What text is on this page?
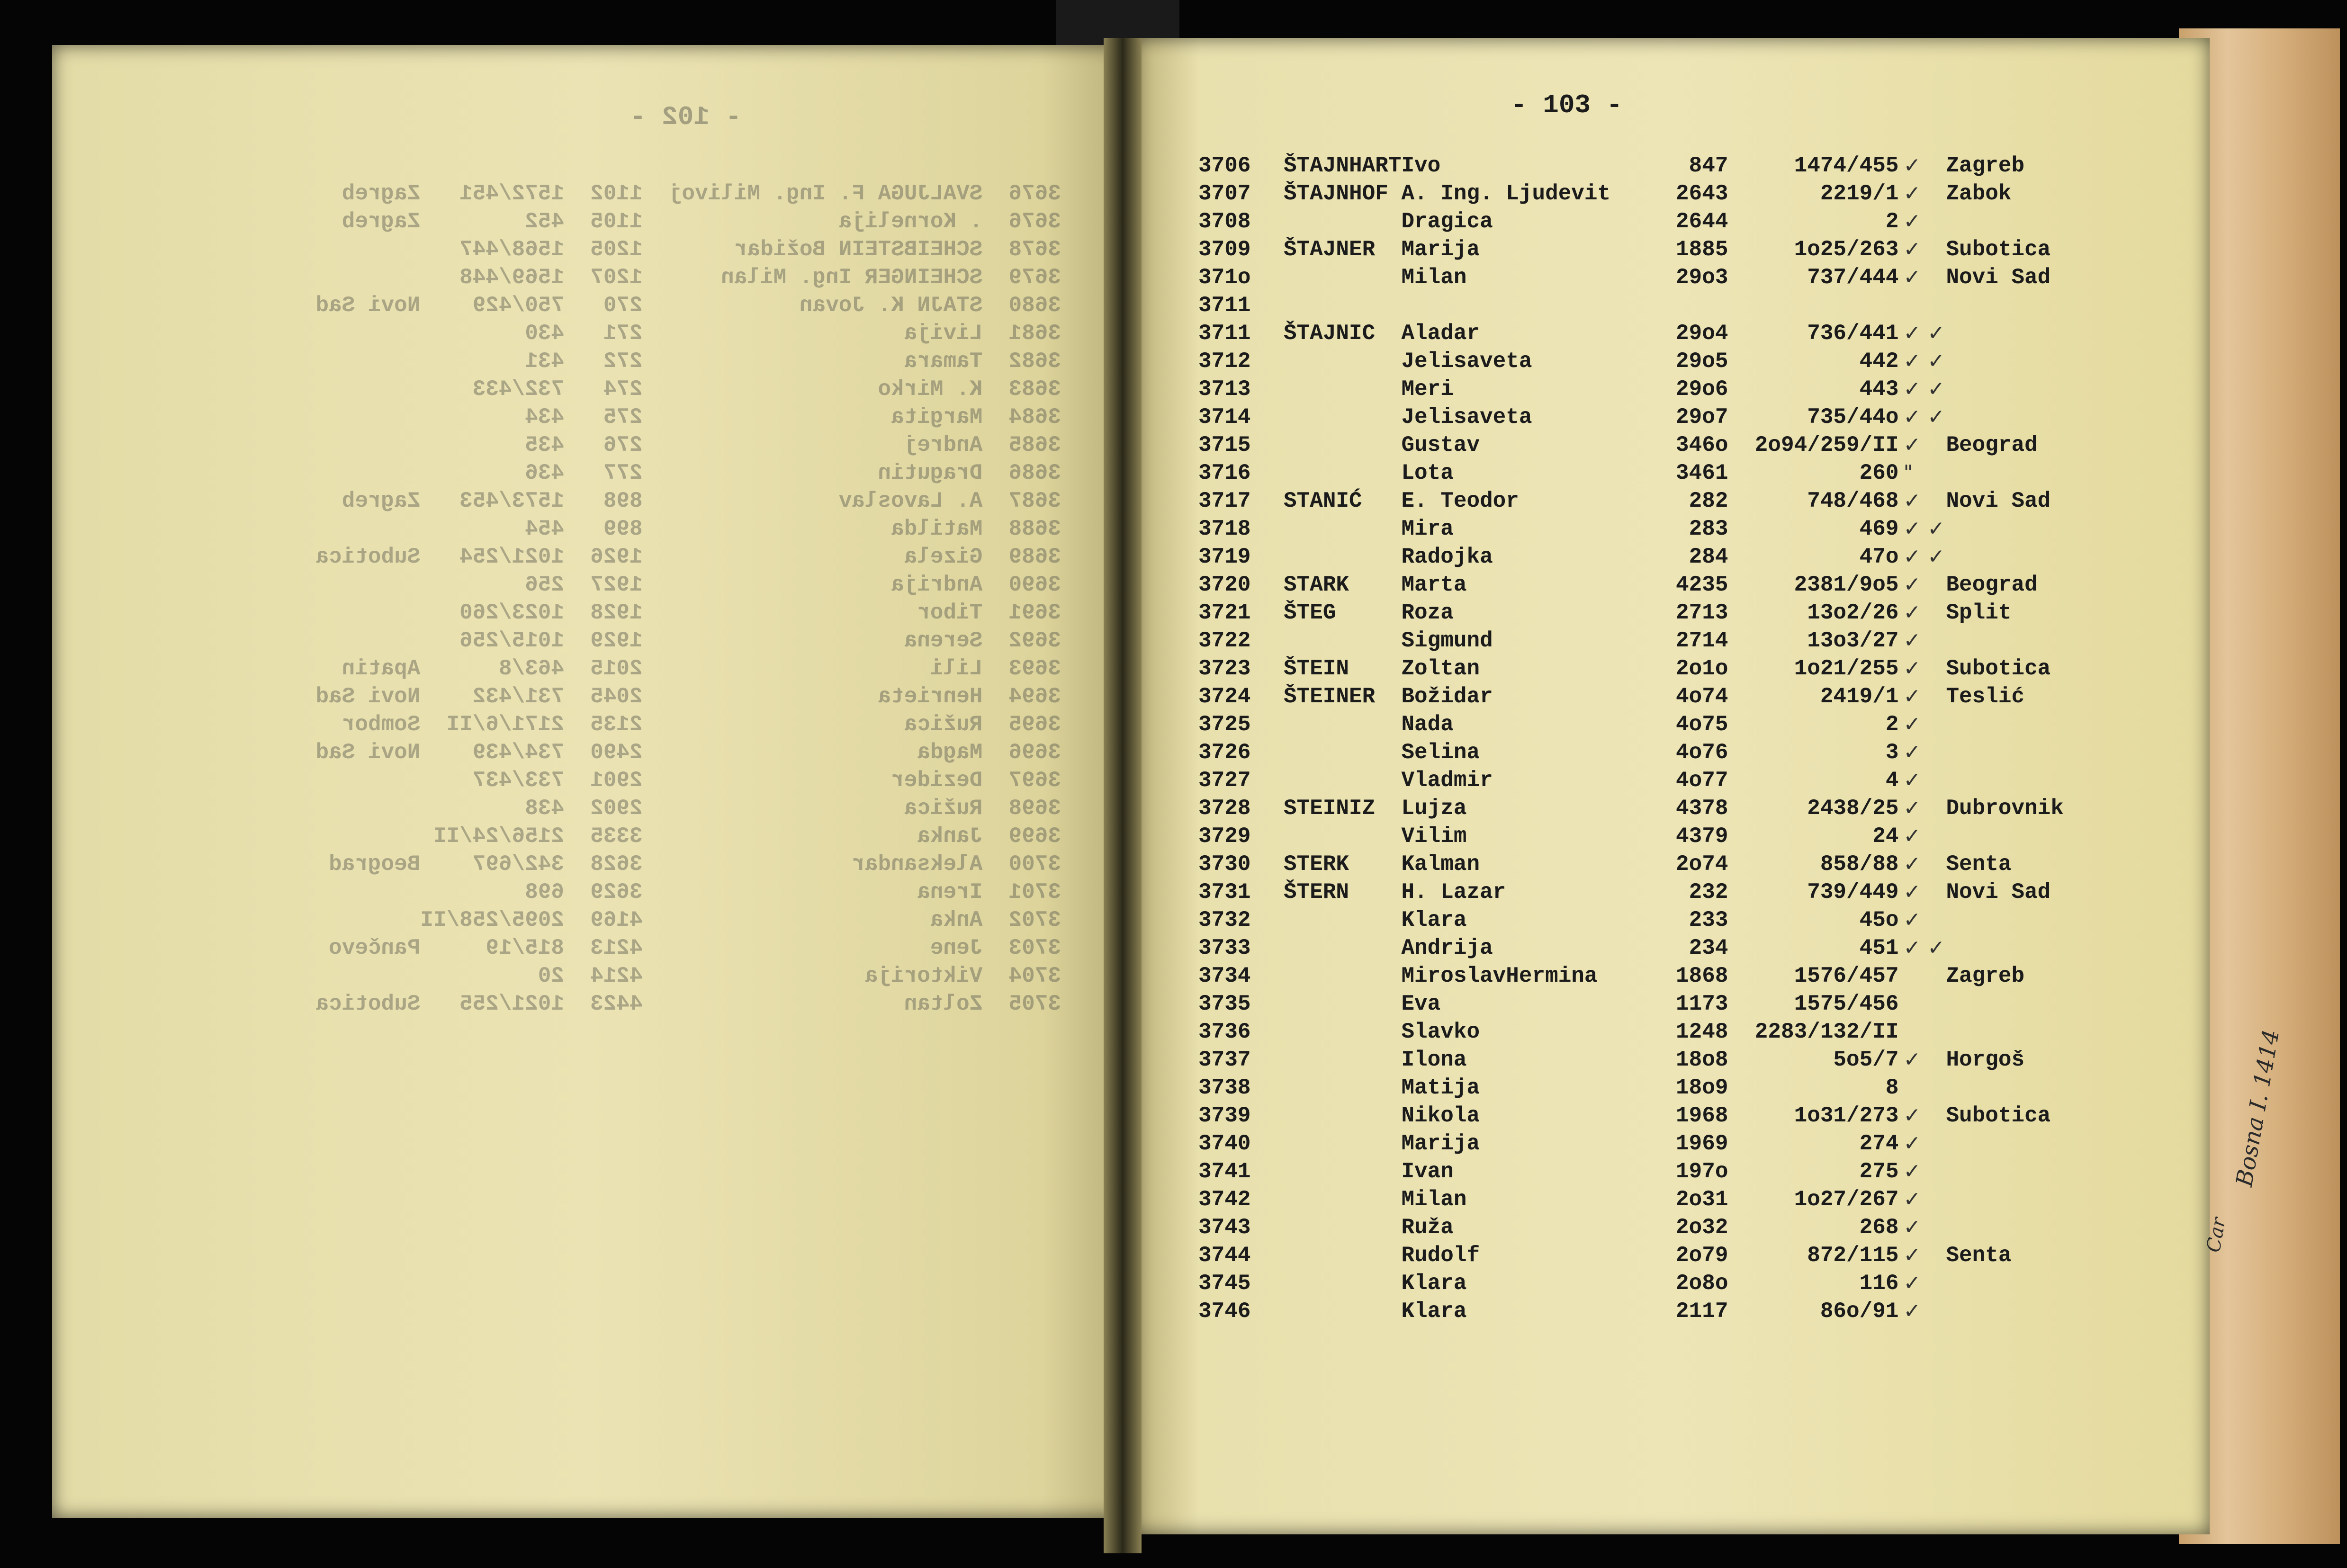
- 102 -
3676  SVALJUGA F. Ing. Milivoj  1102  1572/451   Zagreb
3676  . Kornelija               1105  452        Zagreb
3678  SCHEIBSTEIN Božidar       1205  1568/447
3679  SCHEINGER Ing. Milan      1207  1569/448
3680  STAJN K. Jovan            270   750/429    Novi Sad
3681  Livija                    271   430
3682  Tamara                    272   431
3683  K. Mirko                  274   732/433
3684  Margita                   275   434
3685  Andrej                    276   435
3686  Dragutin                  277   436
3687  A. Lavoslav               898   1573/453   Zagreb
3688  Matilda                   899   454
3689  Gizela                    1926  1021/254   Subotica
3690  Andrija                   1927  256
3691  Tibor                     1928  1023/260
3692  Serena                    1929  1015/256
3693  Lili                      2015  463/8      Apatin
3694  Henrieta                  2045  731/432    Novi Sad
3695  Ružica                    2135  2171/6/II  Sombor
3696  Magda                     2490  734/439    Novi Sad
3697  Dezider                   2901  733/437
3698  Ružica                    2902  438
3699  Janka                     3335  2156/24/II
3700  Aleksandar                3628  342/697    Beograd
3701  Irena                     3629  698
3702  Anka                      4169  2095/258/II
3703  Jene                      4213  815/19     Pančevo
3704  Viktorija                 4214  20
3705  Zoltan                    4423  1021/255   Subotica
- 103 -
3706	ŠTAJNHART	Ivo	847	1474/455	✓	Zagreb
3707	ŠTAJNHOF	A. Ing. Ljudevit	2643	2219/1	✓	Zabok
3708		Dragica	2644	2	✓	
3709	ŠTAJNER	Marija	1885	1o25/263	✓	Subotica
371o		Milan	29o3	737/444	✓	Novi Sad
3711						
3711	ŠTAJNIC	Aladar	29o4	736/441	✓ ✓	
3712		Jelisaveta	29o5	442	✓ ✓	
3713		Meri	29o6	443	✓ ✓	
3714		Jelisaveta	29o7	735/44o	✓ ✓	
3715		Gustav	346o	2o94/259/II	✓	Beograd
3716		Lota	3461	260	"	
3717	STANIĆ	E. Teodor	282	748/468	✓	Novi Sad
3718		Mira	283	469	✓ ✓	
3719		Radojka	284	47o	✓ ✓	
3720	STARK	Marta	4235	2381/9o5	✓	Beograd
3721	ŠTEG	Roza	2713	13o2/26	✓	Split
3722		Sigmund	2714	13o3/27	✓	
3723	ŠTEIN	Zoltan	2o1o	1o21/255	✓	Subotica
3724	ŠTEINER	Božidar	4o74	2419/1	✓	Teslić
3725		Nada	4o75	2	✓	
3726		Selina	4o76	3	✓	
3727		Vladmir	4o77	4	✓	
3728	STEINIZ	Lujza	4378	2438/25	✓	Dubrovnik
3729		Vilim	4379	24	✓	
3730	STERK	Kalman	2o74	858/88	✓	Senta
3731	ŠTERN	H. Lazar	232	739/449	✓	Novi Sad
3732		Klara	233	45o	✓	
3733		Andrija	234	451	✓ ✓	
3734		MiroslavHermina	1868	1576/457		Zagreb
3735		Eva	1173	1575/456		
3736		Slavko	1248	2283/132/II		
3737		Ilona	18o8	5o5/7	✓	Horgoš
3738		Matija	18o9	8		
3739		Nikola	1968	1o31/273	✓	Subotica
3740		Marija	1969	274	✓	
3741		Ivan	197o	275	✓	
3742		Milan	2o31	1o27/267	✓	
3743		Ruža	2o32	268	✓	
3744		Rudolf	2o79	872/115	✓	Senta
3745		Klara	2o8o	116	✓	
3746		Klara	2117	86o/91	✓	
Bosna I. 1414
Car
